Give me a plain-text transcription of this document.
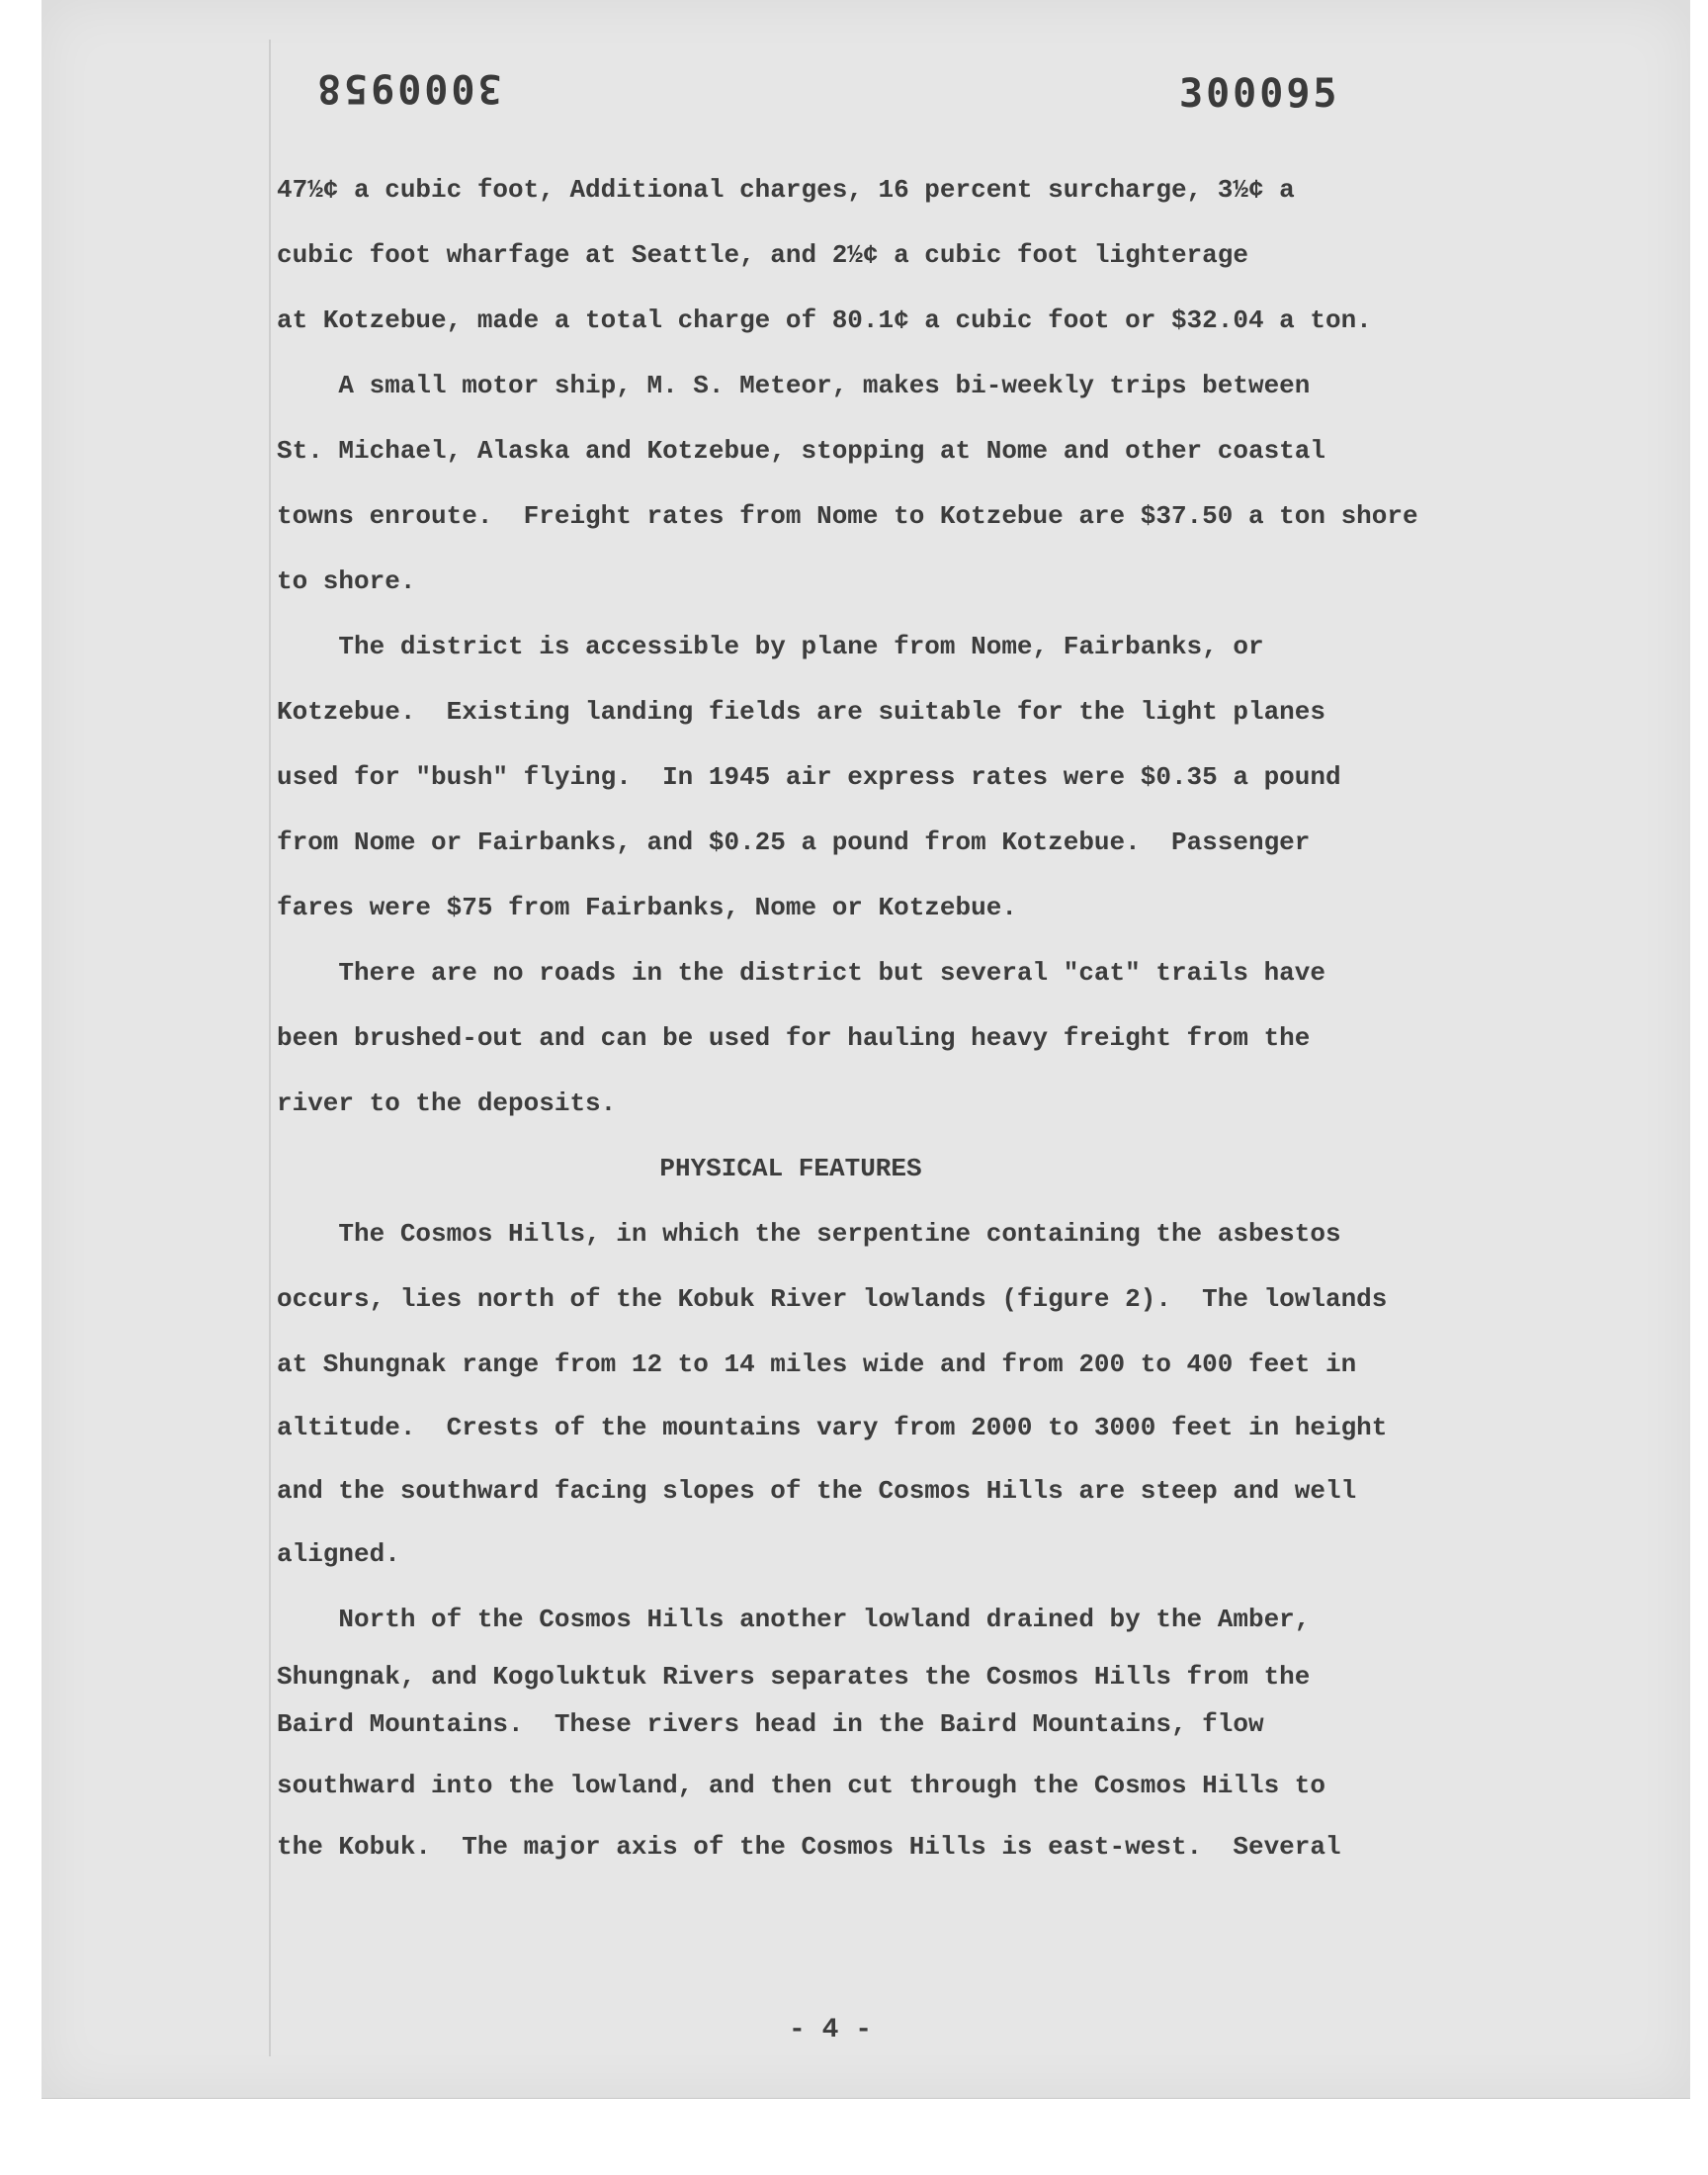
3000958	300095
47½¢ a cubic foot, Additional charges, 16 percent surcharge, 3½¢ a
cubic foot wharfage at Seattle, and 2½¢ a cubic foot lighterage
at Kotzebue, made a total charge of 80.1¢ a cubic foot or $32.04 a ton.
A small motor ship, M. S. Meteor, makes bi-weekly trips between
St. Michael, Alaska and Kotzebue, stopping at Nome and other coastal
towns enroute.  Freight rates from Nome to Kotzebue are $37.50 a ton shore
to shore.
The district is accessible by plane from Nome, Fairbanks, or
Kotzebue.  Existing landing fields are suitable for the light planes
used for "bush" flying.  In 1945 air express rates were $0.35 a pound
from Nome or Fairbanks, and $0.25 a pound from Kotzebue.  Passenger
fares were $75 from Fairbanks, Nome or Kotzebue.
There are no roads in the district but several "cat" trails have
been brushed-out and can be used for hauling heavy freight from the
river to the deposits.
PHYSICAL FEATURES
The Cosmos Hills, in which the serpentine containing the asbestos
occurs, lies north of the Kobuk River lowlands (figure 2).  The lowlands
at Shungnak range from 12 to 14 miles wide and from 200 to 400 feet in
altitude.  Crests of the mountains vary from 2000 to 3000 feet in height
and the southward facing slopes of the Cosmos Hills are steep and well
aligned.
North of the Cosmos Hills another lowland drained by the Amber,
Shungnak, and Kogoluktuk Rivers separates the Cosmos Hills from the
Baird Mountains.  These rivers head in the Baird Mountains, flow
southward into the lowland, and then cut through the Cosmos Hills to
the Kobuk.  The major axis of the Cosmos Hills is east-west.  Several
- 4 -
